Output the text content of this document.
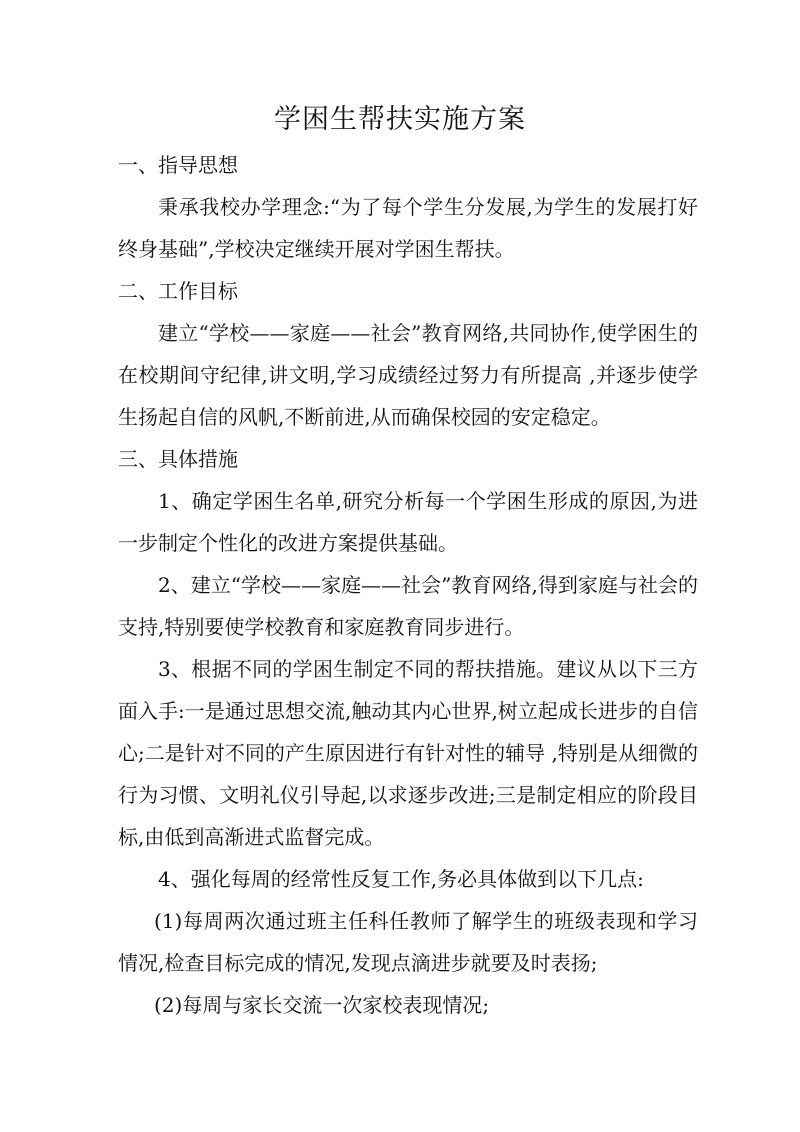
学困生帮扶实施方案

一、指导思想

秉承我校办学理念:“为了每个学生分发展,为学生的发展打好终身基础”,学校决定继续开展对学困生帮扶。

二、工作目标

建立“学校——家庭——社会”教育网络,共同协作,使学困生的在校期间守纪律,讲文明,学习成绩经过努力有所提高 ,并逐步使学生扬起自信的风帆,不断前进,从而确保校园的安定稳定。

三、具体措施

1、确定学困生名单,研究分析每一个学困生形成的原因,为进一步制定个性化的改进方案提供基础。

2、建立“学校——家庭——社会”教育网络,得到家庭与社会的支持,特别要使学校教育和家庭教育同步进行。

3、根据不同的学困生制定不同的帮扶措施。建议从以下三方面入手:一是通过思想交流,触动其内心世界,树立起成长进步的自信心;二是针对不同的产生原因进行有针对性的辅导 ,特别是从细微的行为习惯、文明礼仪引导起,以求逐步改进;三是制定相应的阶段目标,由低到高渐进式监督完成。

4、强化每周的经常性反复工作,务必具体做到以下几点:

(1)每周两次通过班主任科任教师了解学生的班级表现和学习情况,检查目标完成的情况,发现点滴进步就要及时表扬;

(2)每周与家长交流一次家校表现情况;
